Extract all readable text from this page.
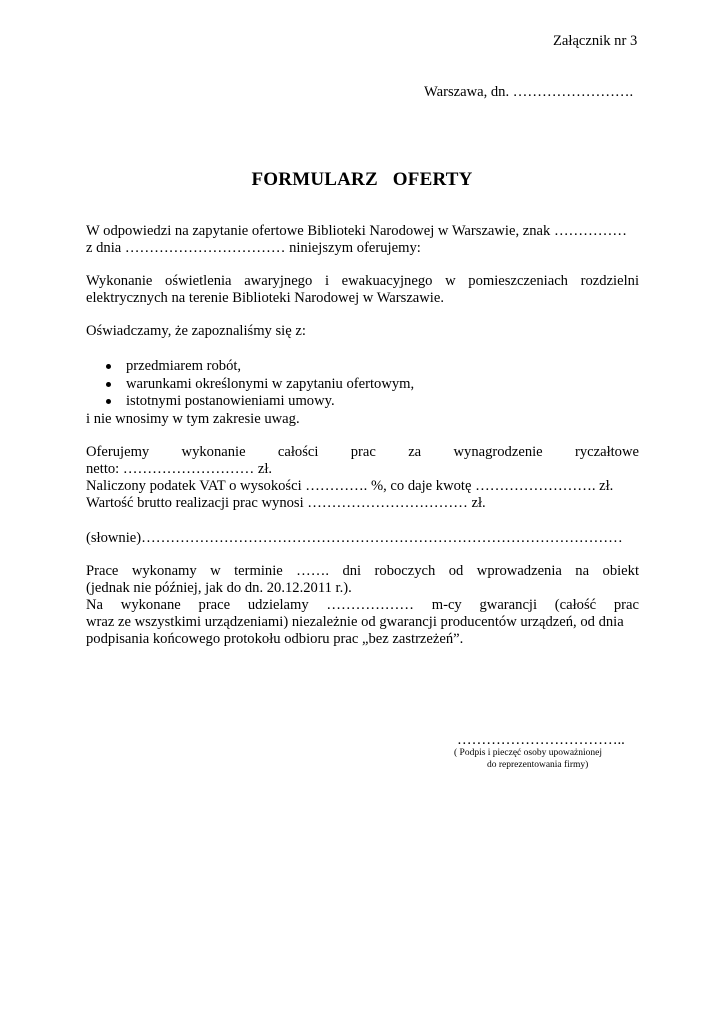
Załącznik nr 3
Warszawa, dn. …………………….
FORMULARZ OFERTY
W odpowiedzi na zapytanie ofertowe Biblioteki Narodowej w Warszawie, znak ……………
z dnia …………………………… niniejszym oferujemy:
Wykonanie oświetlenia awaryjnego i ewakuacyjnego w pomieszczeniach rozdzielni
elektrycznych na terenie Biblioteki Narodowej w Warszawie.
Oświadczamy, że zapoznaliśmy się z:
przedmiarem robót,
warunkami określonymi w zapytaniu ofertowym,
istotnymi postanowieniami umowy.
i nie wnosimy w tym zakresie uwag.
Oferujemy wykonanie całości prac za wynagrodzenie ryczałtowe
netto: ……………………… zł.
Naliczony podatek VAT o wysokości …………. %, co daje kwotę ……………………. zł.
Wartość brutto realizacji prac wynosi …………………………… zł.
(słownie)………………………………………………………………………………………
Prace wykonamy w terminie ……. dni roboczych od wprowadzenia na obiekt
(jednak nie później, jak do dn. 20.12.2011 r.).
Na wykonane prace udzielamy ……………… m-cy gwarancji (całość prac
wraz ze wszystkimi urządzeniami) niezależnie od gwarancji producentów urządzeń, od dnia
podpisania końcowego protokołu odbioru prac „bez zastrzeżeń”.
……………………………..
( Podpis i pieczęć osoby upoważnionej
do reprezentowania firmy)
